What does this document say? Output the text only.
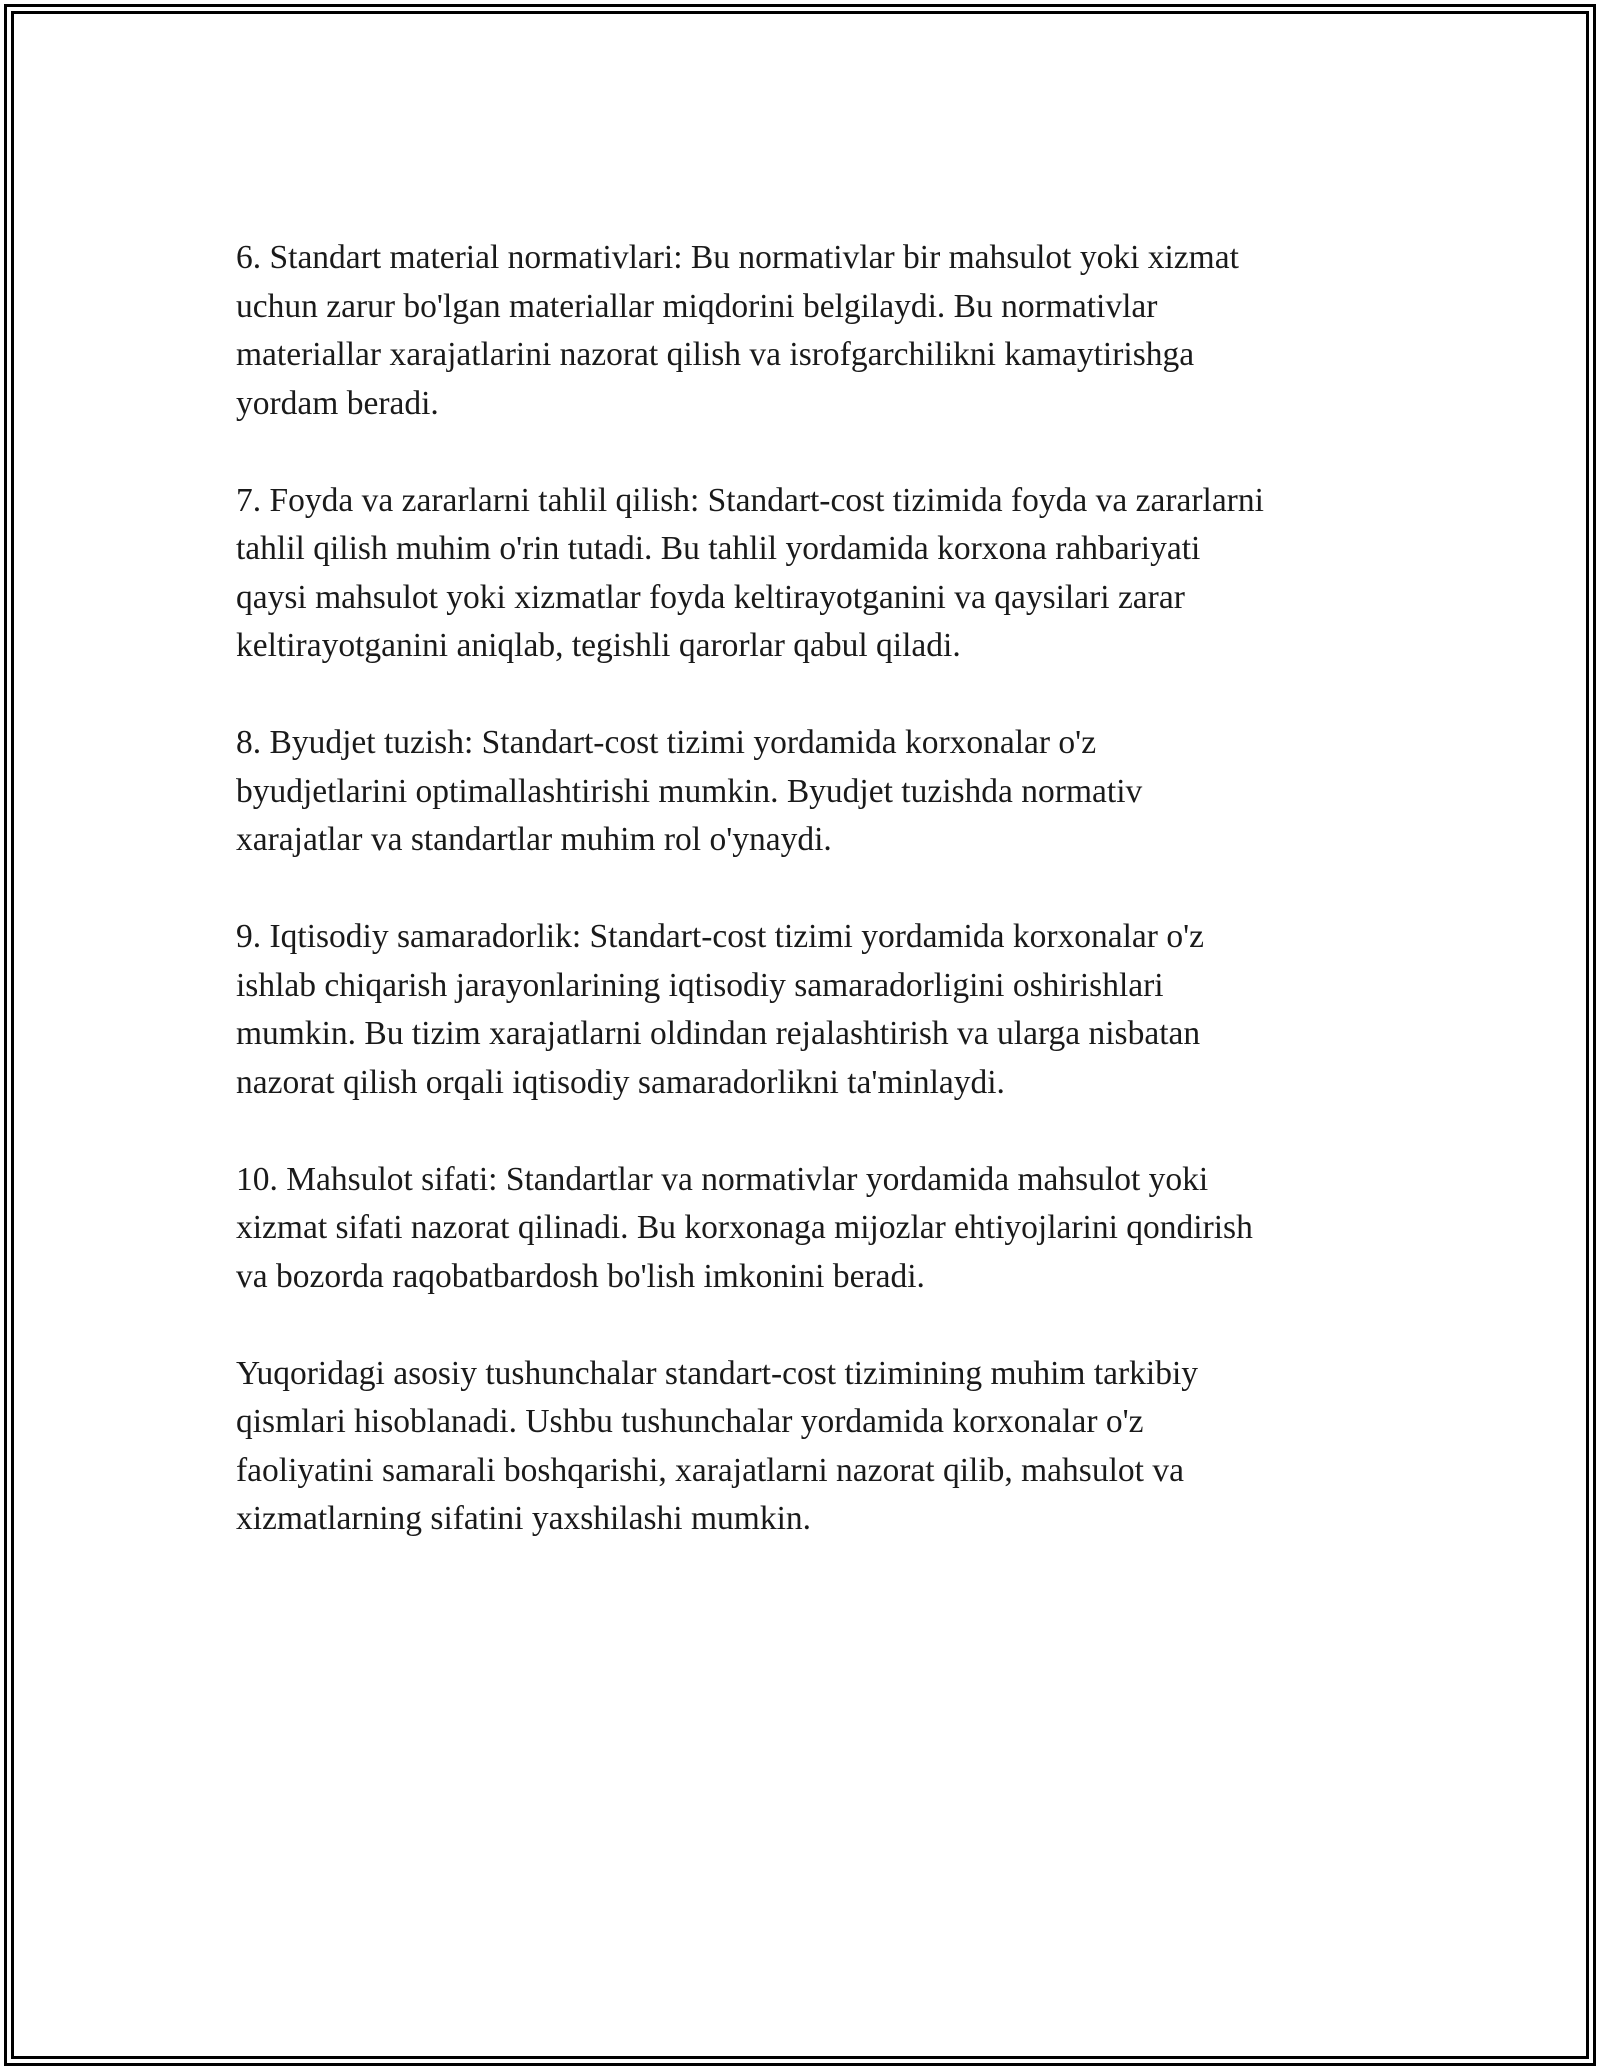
6. Standart material normativlari: Bu normativlar bir mahsulot yoki xizmat
uchun zarur bo'lgan materiallar miqdorini belgilaydi. Bu normativlar
materiallar xarajatlarini nazorat qilish va isrofgarchilikni kamaytirishga
yordam beradi.

7. Foyda va zararlarni tahlil qilish: Standart-cost tizimida foyda va zararlarni
tahlil qilish muhim o'rin tutadi. Bu tahlil yordamida korxona rahbariyati
qaysi mahsulot yoki xizmatlar foyda keltirayotganini va qaysilari zarar
keltirayotganini aniqlab, tegishli qarorlar qabul qiladi.

8. Byudjet tuzish: Standart-cost tizimi yordamida korxonalar o'z
byudjetlarini optimallashtirishi mumkin. Byudjet tuzishda normativ
xarajatlar va standartlar muhim rol o'ynaydi.

9. Iqtisodiy samaradorlik: Standart-cost tizimi yordamida korxonalar o'z
ishlab chiqarish jarayonlarining iqtisodiy samaradorligini oshirishlari
mumkin. Bu tizim xarajatlarni oldindan rejalashtirish va ularga nisbatan
nazorat qilish orqali iqtisodiy samaradorlikni ta'minlaydi.

10. Mahsulot sifati: Standartlar va normativlar yordamida mahsulot yoki
xizmat sifati nazorat qilinadi. Bu korxonaga mijozlar ehtiyojlarini qondirish
va bozorda raqobatbardosh bo'lish imkonini beradi.

Yuqoridagi asosiy tushunchalar standart-cost tizimining muhim tarkibiy
qismlari hisoblanadi. Ushbu tushunchalar yordamida korxonalar o'z
faoliyatini samarali boshqarishi, xarajatlarni nazorat qilib, mahsulot va
xizmatlarning sifatini yaxshilashi mumkin.
